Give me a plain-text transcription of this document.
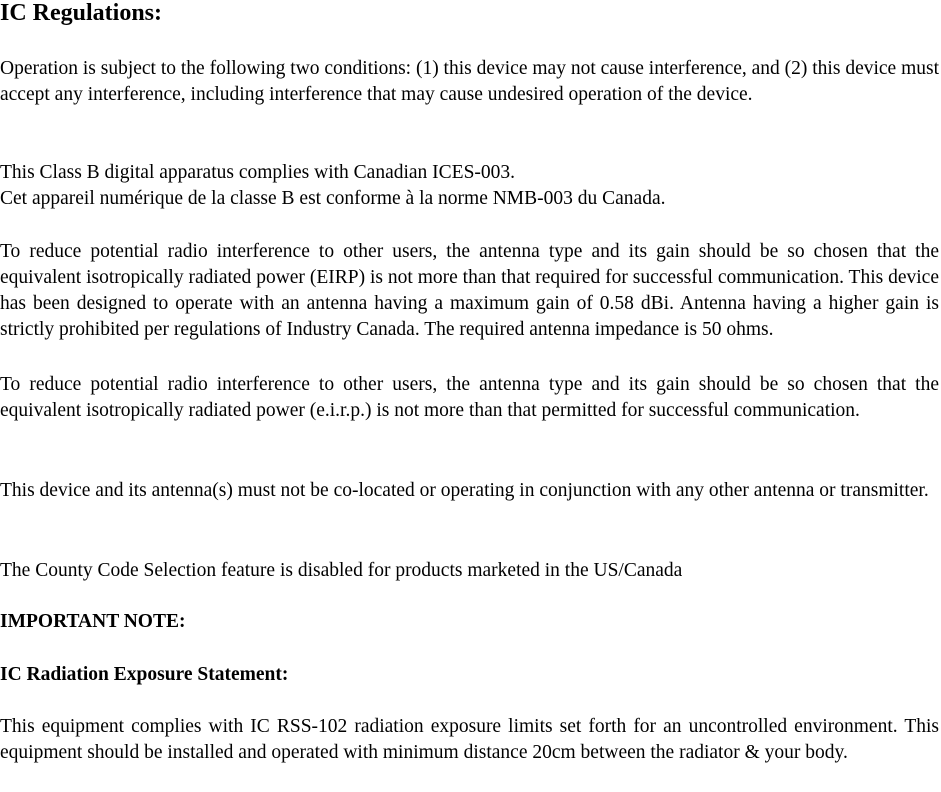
IC Regulations:

Operation is subject to the following two conditions: (1) this device may not cause interference, and (2) this device must accept any interference, including interference that may cause undesired operation of the device.

This Class B digital apparatus complies with Canadian ICES-003.

Cet appareil numérique de la classe B est conforme à la norme NMB-003 du Canada.

To reduce potential radio interference to other users, the antenna type and its gain should be so chosen that the equivalent isotropically radiated power (EIRP) is not more than that required for successful communication. This device has been designed to operate with an antenna having a maximum gain of 0.58 dBi. Antenna having a higher gain is strictly prohibited per regulations of Industry Canada. The required antenna impedance is 50 ohms.

To reduce potential radio interference to other users, the antenna type and its gain should be so chosen that the equivalent isotropically radiated power (e.i.r.p.) is not more than that permitted for successful communication.

This device and its antenna(s) must not be co-located or operating in conjunction with any other antenna or transmitter.

The County Code Selection feature is disabled for products marketed in the US/Canada

IMPORTANT NOTE:
IC Radiation Exposure Statement:

This equipment complies with IC RSS-102 radiation exposure limits set forth for an uncontrolled environment. This equipment should be installed and operated with minimum distance 20cm between the radiator & your body.
